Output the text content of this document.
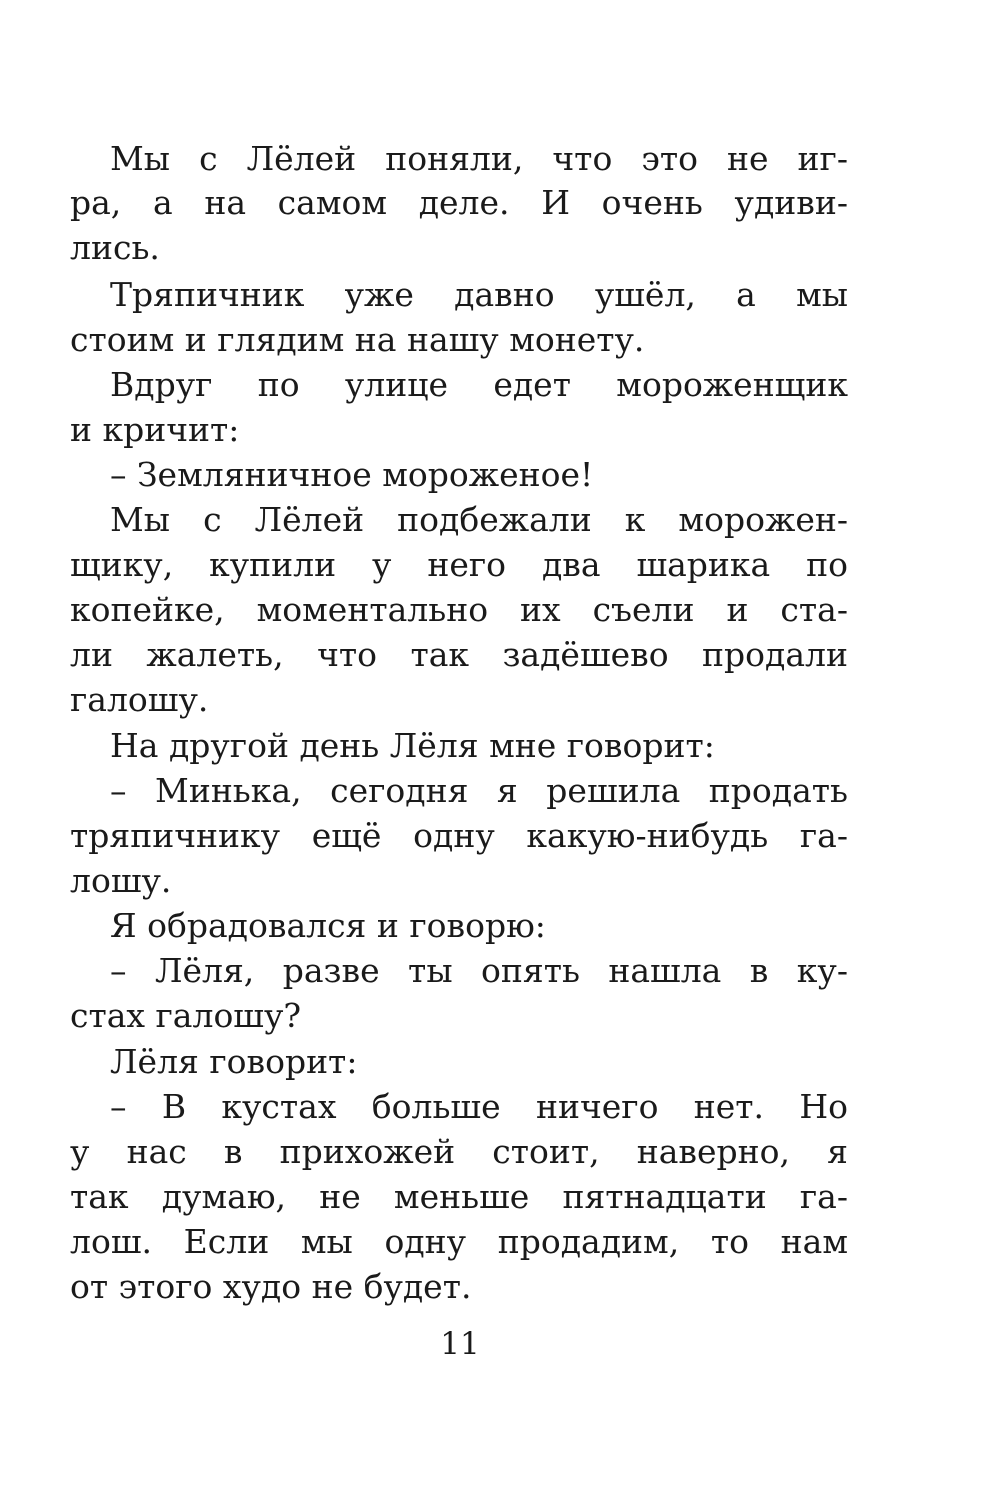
Мы с Лёлей поняли, что это не иг-
ра, а на самом деле. И очень удиви-
лись.
Тряпичник уже давно ушёл, а мы
стоим и глядим на нашу монету.
Вдруг по улице едет мороженщик
и кричит:
– Земляничное мороженое!
Мы с Лёлей подбежали к морожен-
щику, купили у него два шарика по
копейке, моментально их съели и ста-
ли жалеть, что так задёшево продали
галошу.
На другой день Лёля мне говорит:
– Минька, сегодня я решила продать
тряпичнику ещё одну какую-нибудь га-
лошу.
Я обрадовался и говорю:
– Лёля, разве ты опять нашла в ку-
стах галошу?
Лёля говорит:
– В кустах больше ничего нет. Но
у нас в прихожей стоит, наверно, я
так думаю, не меньше пятнадцати га-
лош. Если мы одну продадим, то нам
от этого худо не будет.
11
